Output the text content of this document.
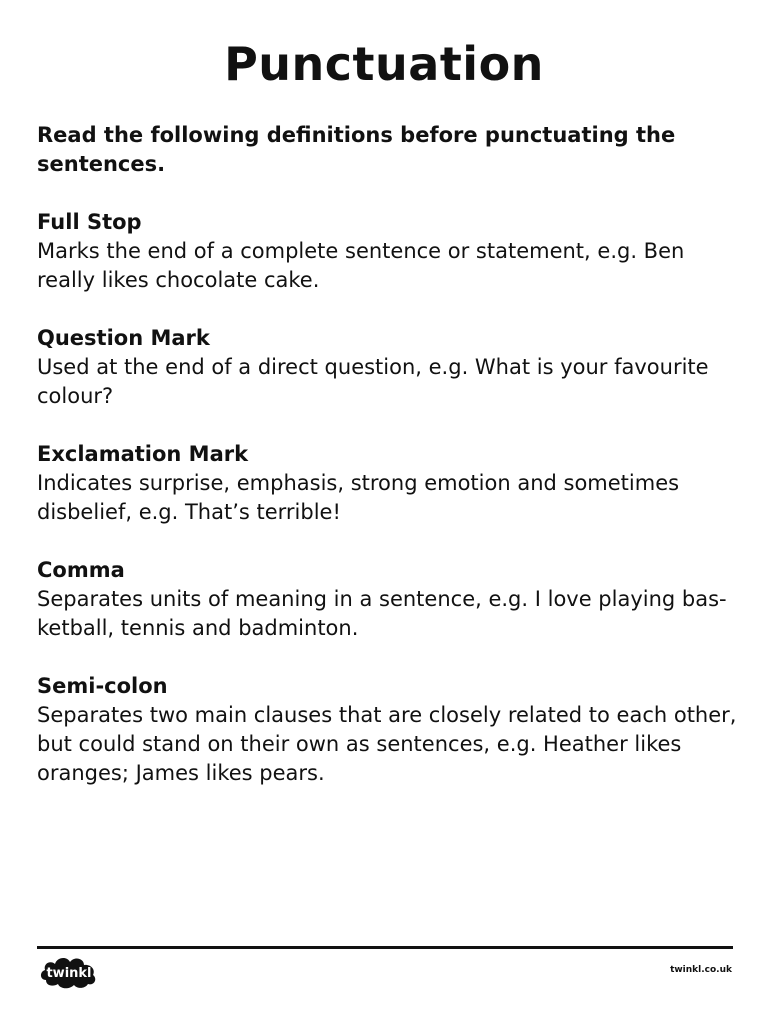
Punctuation

Read the following definitions before punctuating the sentences.

Full Stop

Marks the end of a complete sentence or statement, e.g. Ben
really likes chocolate cake.

Question Mark

Used at the end of a direct question, e.g. What is your favourite
colour?

Exclamation Mark

Indicates surprise, emphasis, strong emotion and sometimes
disbelief, e.g. That’s terrible!

Comma

Separates units of meaning in a sentence, e.g. I love playing bas-
ketball, tennis and badminton.

Semi-colon

Separates two main clauses that are closely related to each other,
but could stand on their own as sentences, e.g. Heather likes
oranges; James likes pears.

twinkl	twinkl.co.uk
